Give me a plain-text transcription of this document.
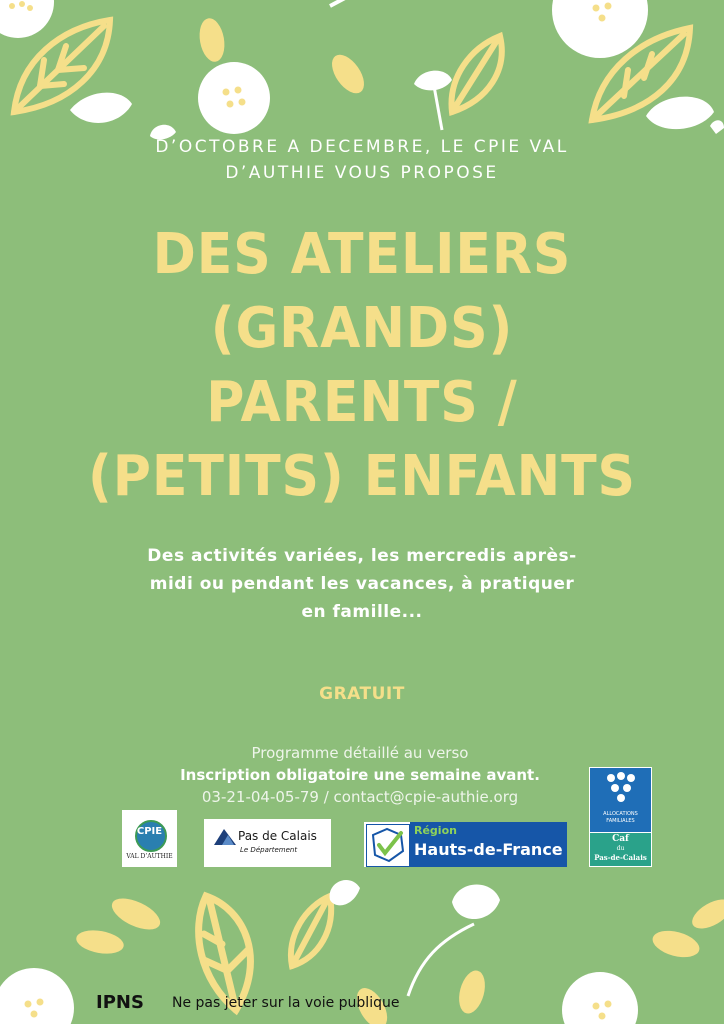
D’OCTOBRE A DECEMBRE, LE CPIE VAL
D’AUTHIE VOUS PROPOSE
DES ATELIERS
(GRANDS)
PARENTS /
(PETITS) ENFANTS
Des activités variées, les mercredis après-
midi ou pendant les vacances, à pratiquer
en famille...
GRATUIT
Programme détaillé au verso
Inscription obligatoire une semaine avant.
03-21-04-05-79 / contact@cpie-authie.org
CPIE
VAL D’AUTHIE
Pas de Calais
Le Département
Région
Hauts-de-France
ALLOCATIONS
FAMILIALES
Caf
du
Pas-de-Calais
IPNS Ne pas jeter sur la voie publique
